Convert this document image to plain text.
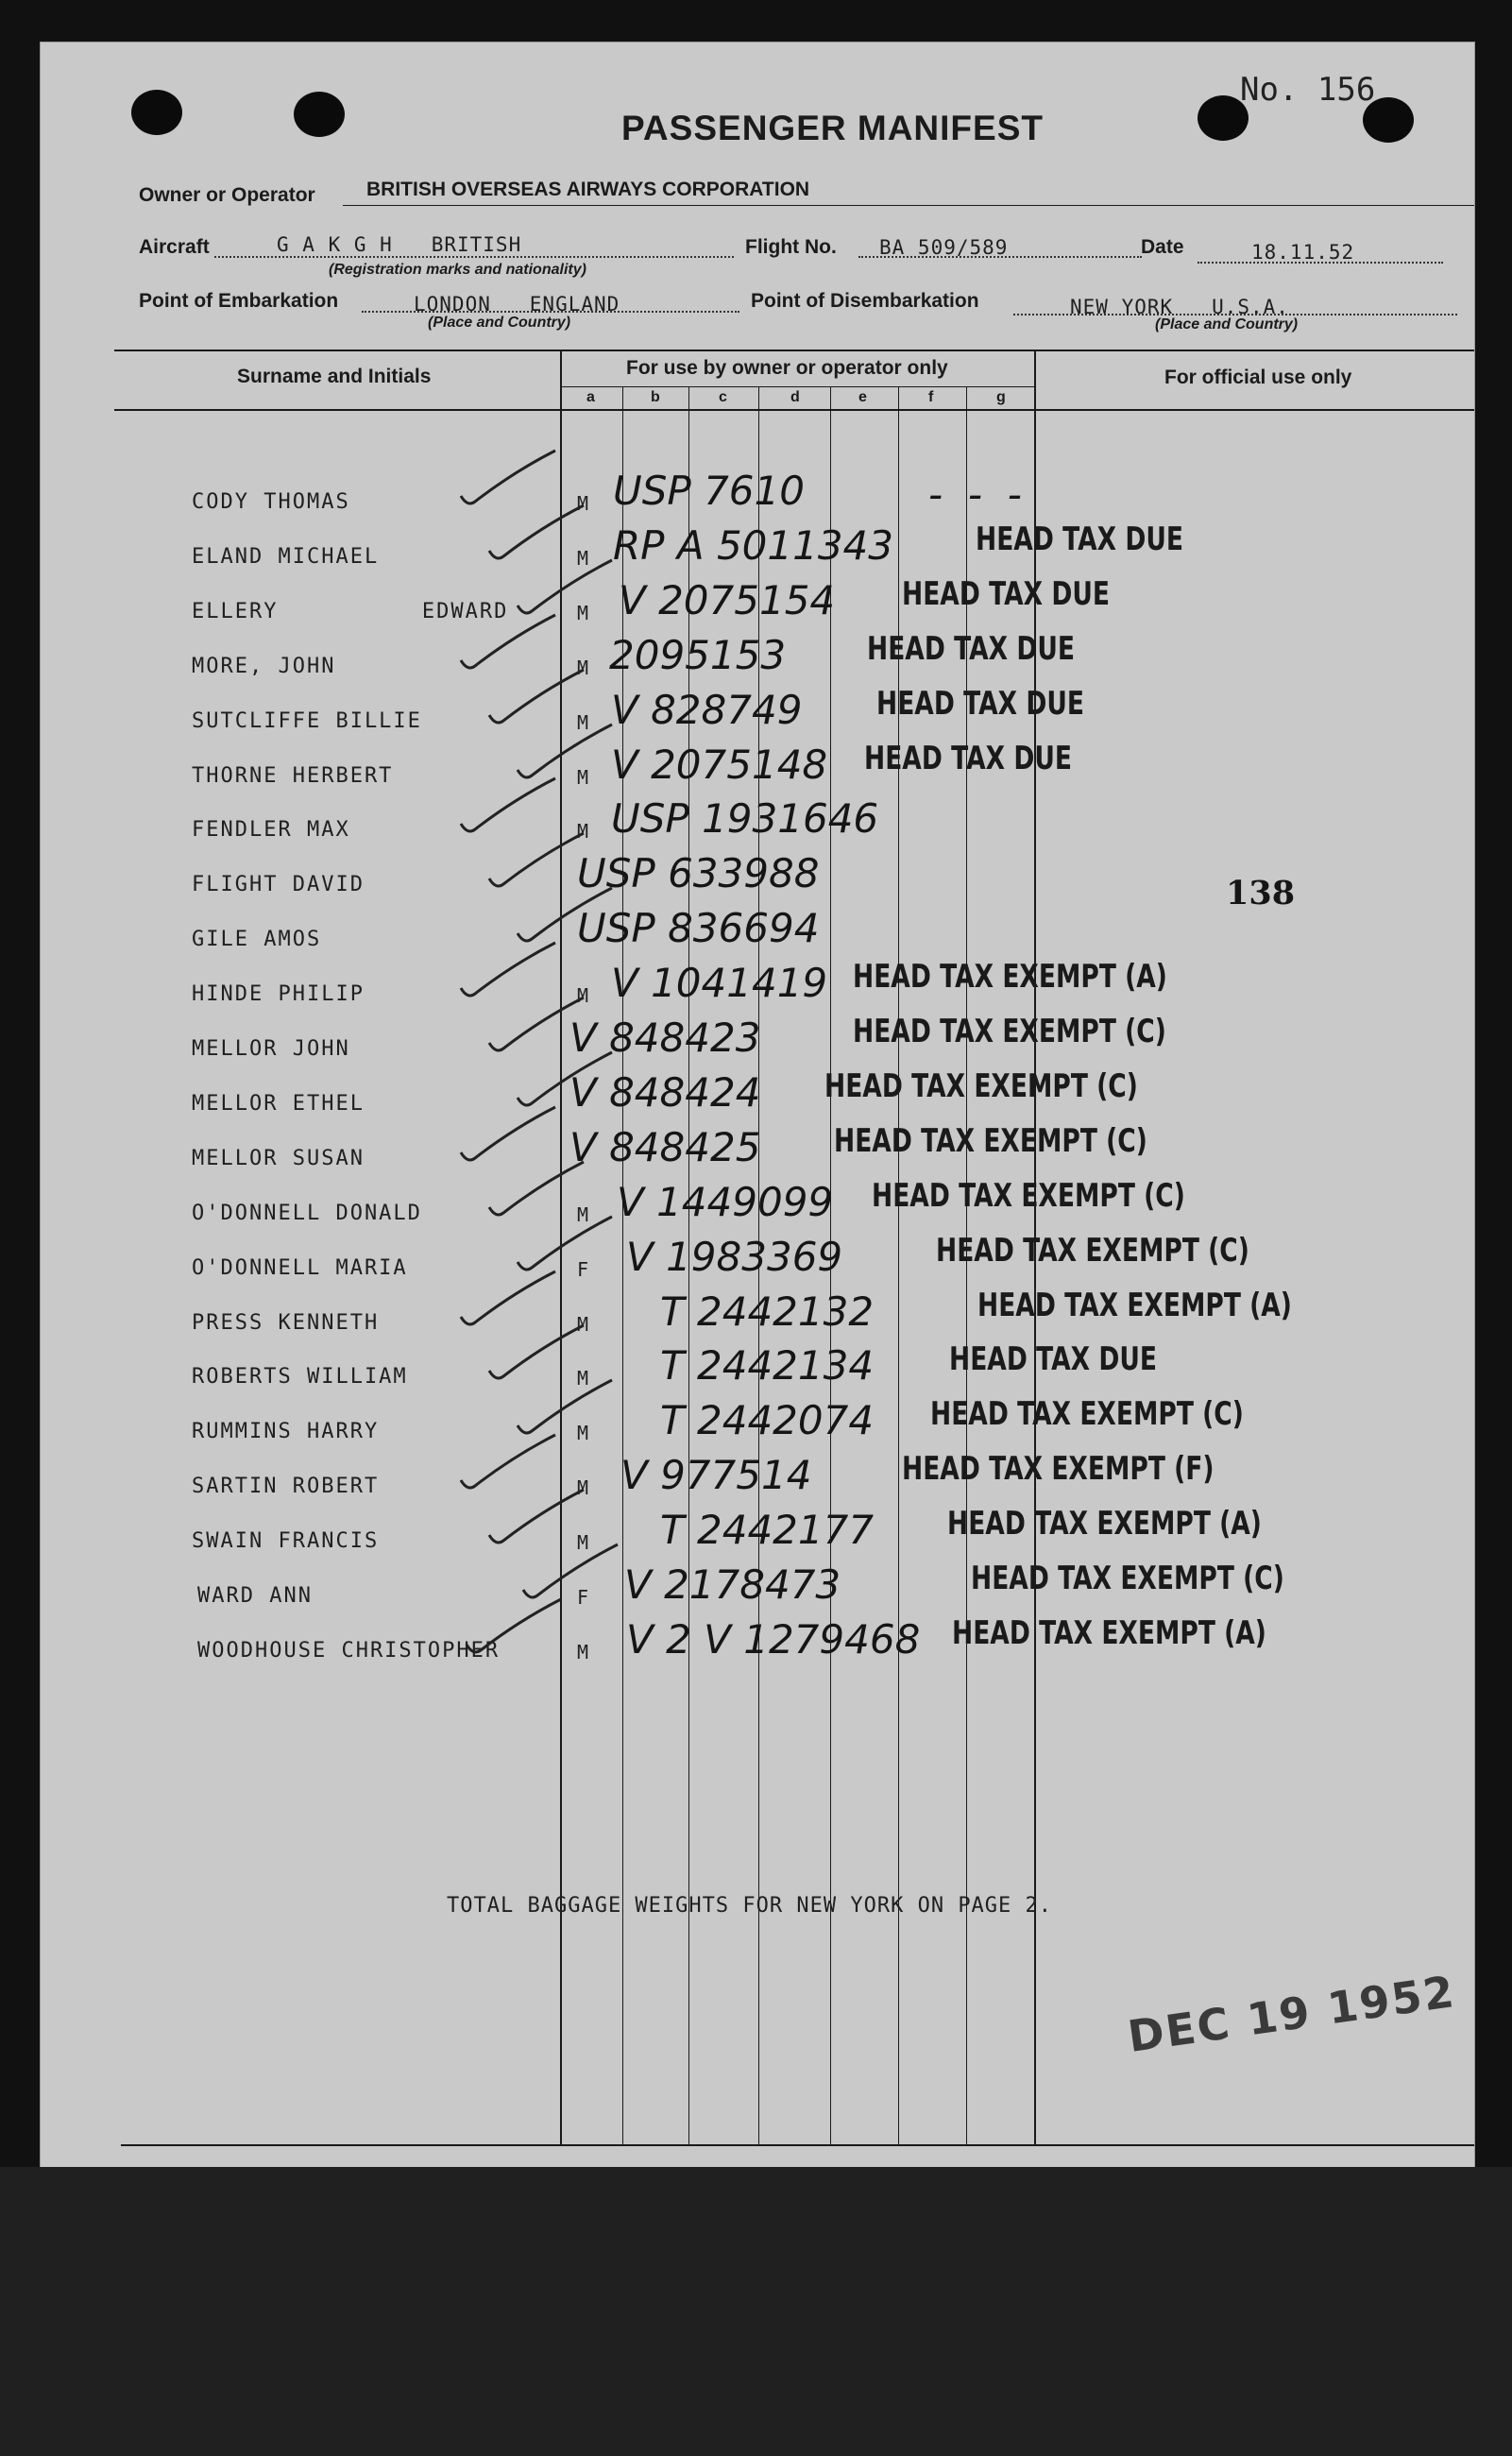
No. 156
PASSENGER MANIFEST
Owner or Operator	BRITISH OVERSEAS AIRWAYS CORPORATION
Aircraft	G A K G H   BRITISH
(Registration marks and nationality)
Flight No. BA 509/589	Date	18.11.52
Point of Embarkation	LONDON   ENGLAND
(Place and Country)
Point of Disembarkation	NEW YORK   U.S.A.
(Place and Country)
Surname and Initials	For use by owner or operator only	For official use only
a	b	c	d	e	f	g
CODY THOMAS	M USP 7610	-  -  -
ELAND MICHAEL	M RP A 5011343	HEAD TAX DUE
ELLERY          EDWARD	M V 2075154 HEAD TAX DUE
MORE, JOHN	M 2095153	HEAD TAX DUE
SUTCLIFFE BILLIE	M V 828749 HEAD TAX DUE
THORNE HERBERT	M V 2075148 HEAD TAX DUE
FENDLER MAX	M USP 1931646
FLIGHT DAVID	USP 633988
GILE AMOS	USP 836694
HINDE PHILIP	M V 1041419 HEAD TAX EXEMPT (A)
MELLOR JOHN	V 848423	HEAD TAX EXEMPT (C)
MELLOR ETHEL	V 848424 HEAD TAX EXEMPT (C)
MELLOR SUSAN	V 848425 HEAD TAX EXEMPT (C)
O'DONNELL DONALD	M V 1449099 HEAD TAX EXEMPT (C)
O'DONNELL MARIA	F V 1983369	HEAD TAX EXEMPT (C)
PRESS KENNETH	M T 2442132	HEAD TAX EXEMPT (A)
ROBERTS WILLIAM	M T 2442134 HEAD TAX DUE
RUMMINS HARRY	M T 2442074 HEAD TAX EXEMPT (C)
SARTIN ROBERT	M V 977514	HEAD TAX EXEMPT (F)
SWAIN FRANCIS	M T 2442177 HEAD TAX EXEMPT (A)
WARD ANN	F V 2178473	HEAD TAX EXEMPT (C)
WOODHOUSE CHRISTOPHER	M V 2 V 1279468 HEAD TAX EXEMPT (A)
138
TOTAL BAGGAGE WEIGHTS FOR NEW YORK ON PAGE 2.
DEC 19 1952
